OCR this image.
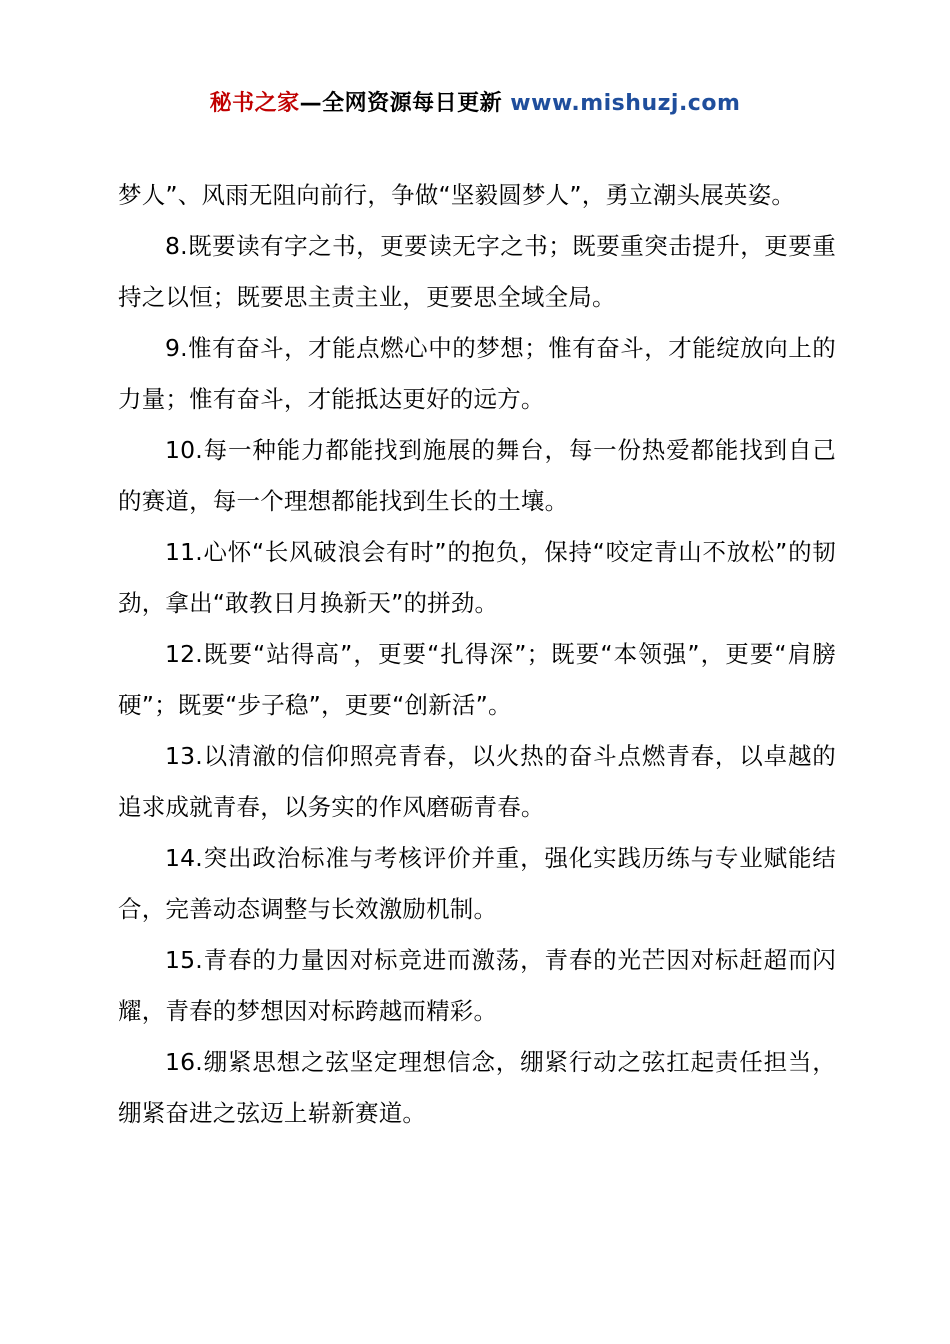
秘书之家—全网资源每日更新 www.mishuzj.com

梦人”、风雨无阻向前行，争做“坚毅圆梦人”，勇立潮头展英姿。

8.既要读有字之书，更要读无字之书；既要重突击提升，更要重持之以恒；既要思主责主业，更要思全域全局。

9.惟有奋斗，才能点燃心中的梦想；惟有奋斗，才能绽放向上的力量；惟有奋斗，才能抵达更好的远方。

10.每一种能力都能找到施展的舞台，每一份热爱都能找到自己的赛道，每一个理想都能找到生长的土壤。

11.心怀“长风破浪会有时”的抱负，保持“咬定青山不放松”的韧劲，拿出“敢教日月换新天”的拼劲。

12.既要“站得高”，更要“扎得深”；既要“本领强”，更要“肩膀硬”；既要“步子稳”，更要“创新活”。

13.以清澈的信仰照亮青春，以火热的奋斗点燃青春，以卓越的追求成就青春，以务实的作风磨砺青春。

14.突出政治标准与考核评价并重，强化实践历练与专业赋能结合，完善动态调整与长效激励机制。

15.青春的力量因对标竞进而激荡，青春的光芒因对标赶超而闪耀，青春的梦想因对标跨越而精彩。

16.绷紧思想之弦坚定理想信念，绷紧行动之弦扛起责任担当，绷紧奋进之弦迈上崭新赛道。
